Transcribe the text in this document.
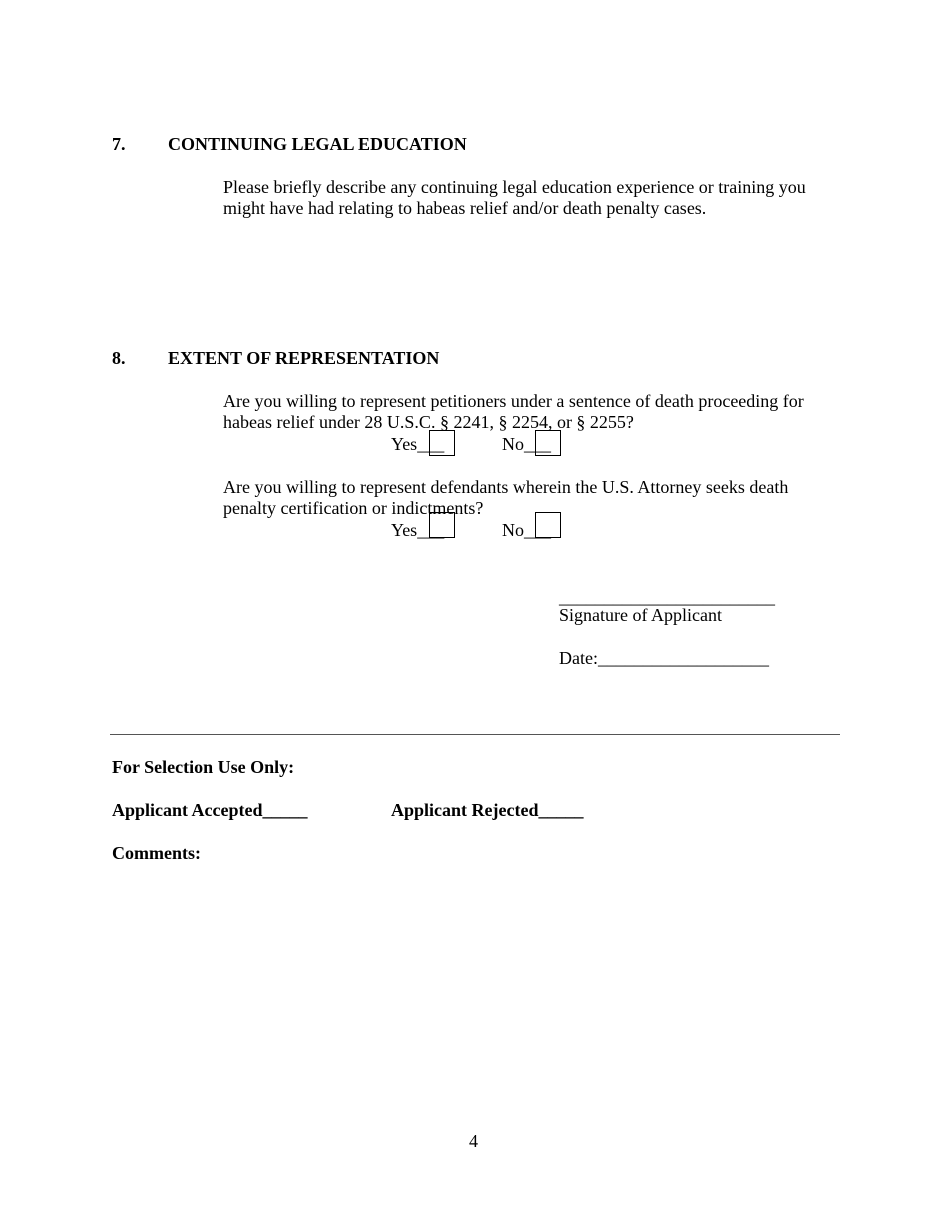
7. CONTINUING LEGAL EDUCATION
Please briefly describe any continuing legal education experience or training you might have had relating to habeas relief and/or death penalty cases.
8. EXTENT OF REPRESENTATION
Are you willing to represent petitioners under a sentence of death proceeding for habeas relief under 28 U.S.C. § 2241, § 2254, or § 2255?
Yes___	No___
Are you willing to represent defendants wherein the U.S. Attorney seeks death penalty certification or indictments?
Yes___	No___
________________________
Signature of Applicant
Date:___________________
For Selection Use Only:
Applicant Accepted_____	Applicant Rejected_____
Comments:
4
